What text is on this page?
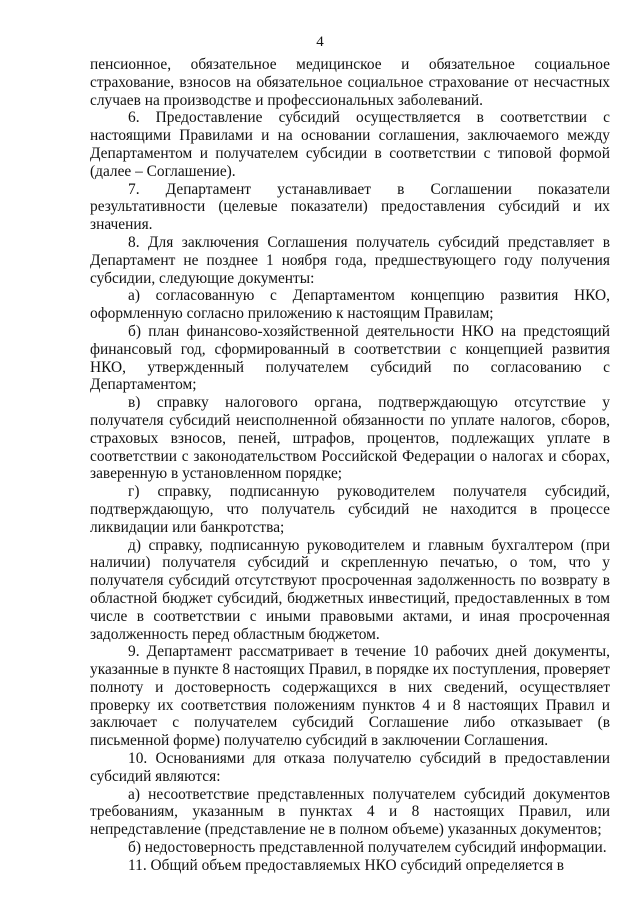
4

пенсионное, обязательное медицинское и обязательное социальное страхование, взносов на обязательное социальное страхование от несчастных случаев на производстве и профессиональных заболеваний.

6. Предоставление субсидий осуществляется в соответствии с настоящими Правилами и на основании соглашения, заключаемого между Департаментом и получателем субсидии в соответствии с типовой формой (далее – Соглашение).

7. Департамент устанавливает в Соглашении показатели результативности (целевые показатели) предоставления субсидий и их значения.

8. Для заключения Соглашения получатель субсидий представляет в Департамент не позднее 1 ноября года, предшествующего году получения субсидии, следующие документы:

а) согласованную с Департаментом концепцию развития НКО, оформленную согласно приложению к настоящим Правилам;

б) план финансово-хозяйственной деятельности НКО на предстоящий финансовый год, сформированный в соответствии с концепцией развития НКО, утвержденный получателем субсидий по согласованию с Департаментом;

в) справку налогового органа, подтверждающую отсутствие у получателя субсидий неисполненной обязанности по уплате налогов, сборов, страховых взносов, пеней, штрафов, процентов, подлежащих уплате в соответствии с законодательством Российской Федерации о налогах и сборах, заверенную в установленном порядке;

г) справку, подписанную руководителем получателя субсидий, подтверждающую, что получатель субсидий не находится в процессе ликвидации или банкротства;

д) справку, подписанную руководителем и главным бухгалтером (при наличии) получателя субсидий и скрепленную печатью, о том, что у получателя субсидий отсутствуют просроченная задолженность по возврату в областной бюджет субсидий, бюджетных инвестиций, предоставленных в том числе в соответствии с иными правовыми актами, и иная просроченная задолженность перед областным бюджетом.

9. Департамент рассматривает в течение 10 рабочих дней документы, указанные в пункте 8 настоящих Правил, в порядке их поступления, проверяет полноту и достоверность содержащихся в них сведений, осуществляет проверку их соответствия положениям пунктов 4 и 8 настоящих Правил и заключает с получателем субсидий Соглашение либо отказывает (в письменной форме) получателю субсидий в заключении Соглашения.

10. Основаниями для отказа получателю субсидий в предоставлении субсидий являются:

а) несоответствие представленных получателем субсидий документов требованиям, указанным в пунктах 4 и 8 настоящих Правил, или непредставление (представление не в полном объеме) указанных документов;

б) недостоверность представленной получателем субсидий информации.

11. Общий объем предоставляемых НКО субсидий определяется в
